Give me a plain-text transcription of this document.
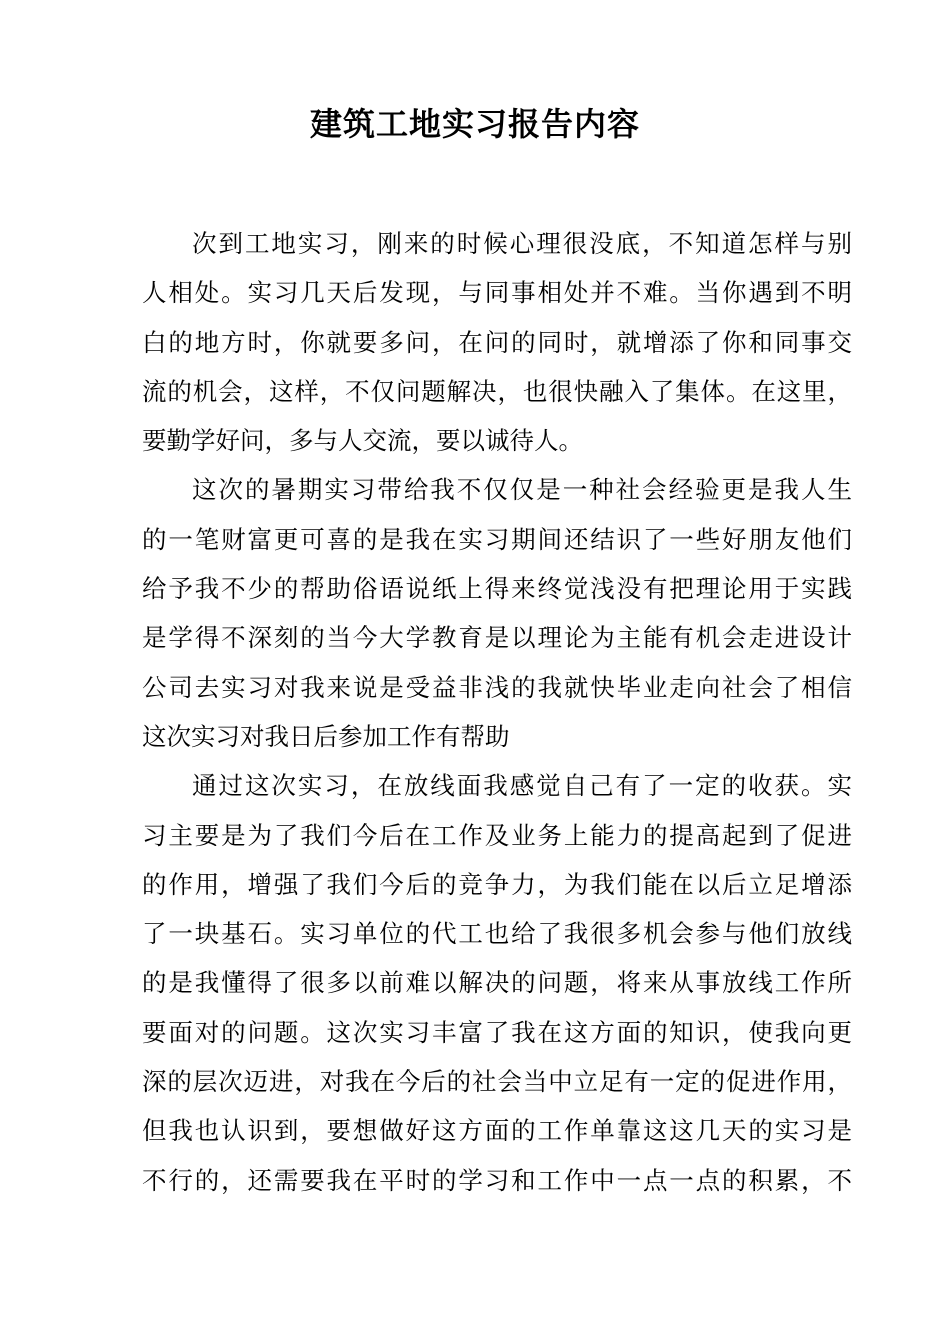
建筑工地实习报告内容
次到工地实习，刚来的时候心理很没底，不知道怎样与别
人相处。实习几天后发现，与同事相处并不难。当你遇到不明
白的地方时，你就要多问，在问的同时，就增添了你和同事交
流的机会，这样，不仅问题解决，也很快融入了集体。在这里，
要勤学好问，多与人交流，要以诚待人。
这次的暑期实习带给我不仅仅是一种社会经验更是我人生
的一笔财富更可喜的是我在实习期间还结识了一些好朋友他们
给予我不少的帮助俗语说纸上得来终觉浅没有把理论用于实践
是学得不深刻的当今大学教育是以理论为主能有机会走进设计
公司去实习对我来说是受益非浅的我就快毕业走向社会了相信
这次实习对我日后参加工作有帮助
通过这次实习，在放线面我感觉自己有了一定的收获。实
习主要是为了我们今后在工作及业务上能力的提高起到了促进
的作用，增强了我们今后的竞争力，为我们能在以后立足增添
了一块基石。实习单位的代工也给了我很多机会参与他们放线
的是我懂得了很多以前难以解决的问题，将来从事放线工作所
要面对的问题。这次实习丰富了我在这方面的知识，使我向更
深的层次迈进，对我在今后的社会当中立足有一定的促进作用，
但我也认识到，要想做好这方面的工作单靠这这几天的实习是
不行的，还需要我在平时的学习和工作中一点一点的积累，不
